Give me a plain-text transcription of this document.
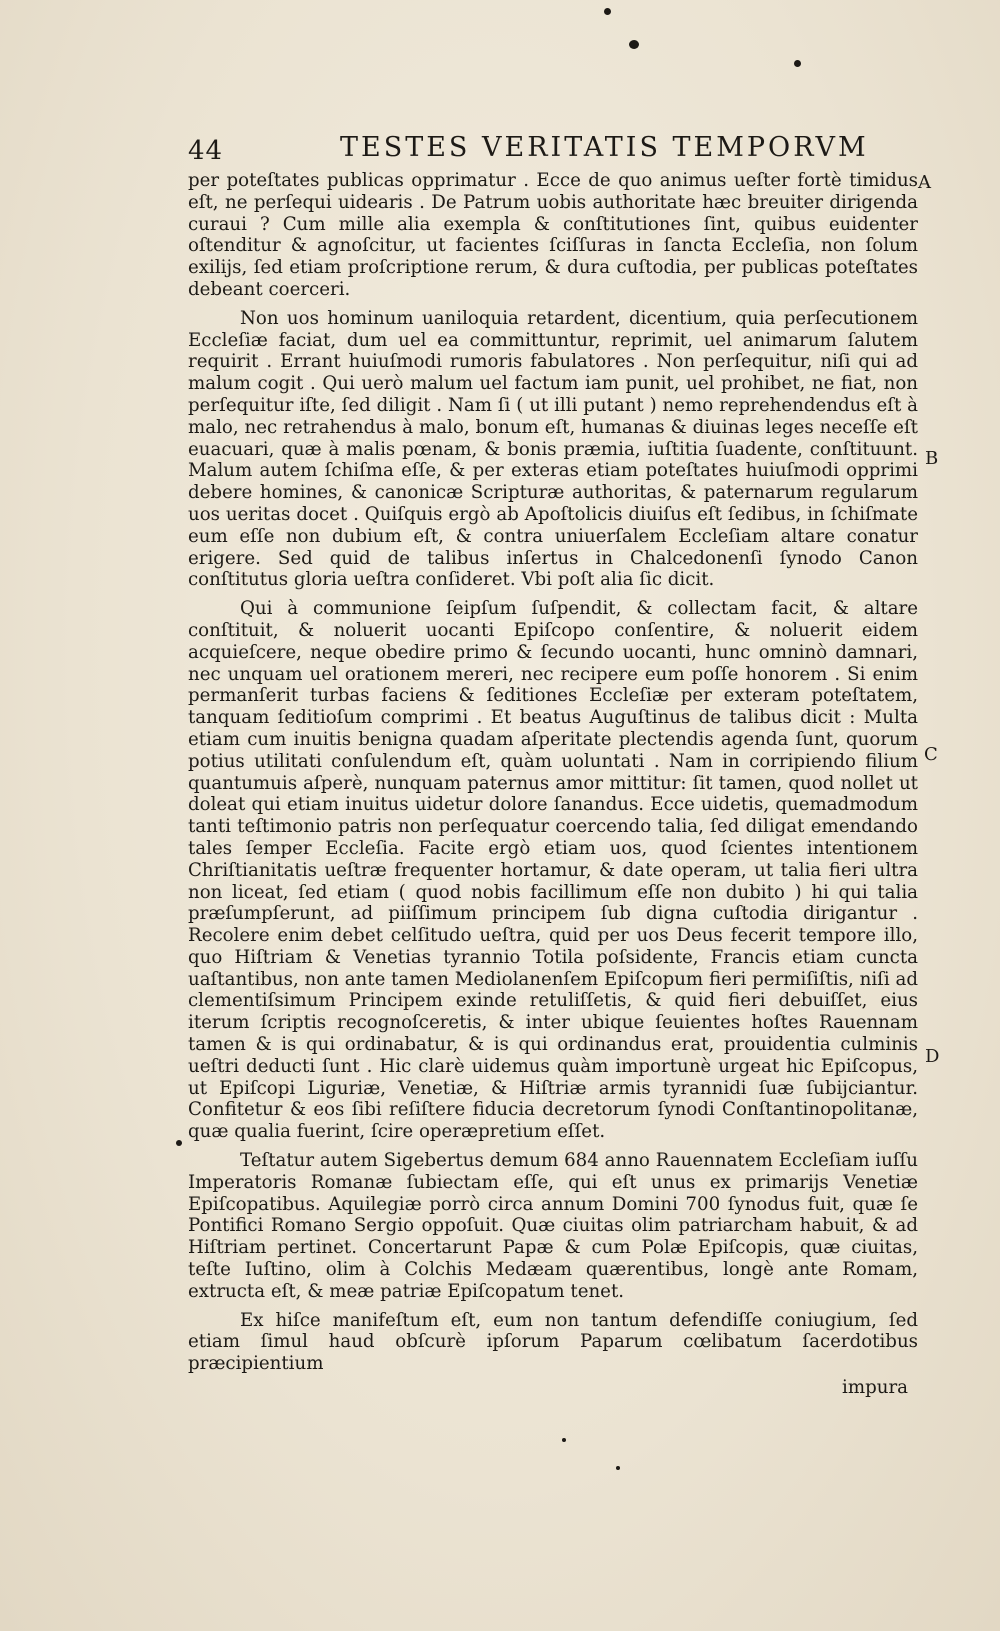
44	TESTES VERITATIS TEMPORVM

per poteſtates publicas opprimatur . Ecce de quo animus ueſter fortè timidus eſt, ne perſequi uidearis . De Patrum uobis authoritate hæc breuiter dirigenda curaui ? Cum mille alia exempla & conſtitutiones ſint, quibus euidenter oſtenditur & agnoſcitur, ut facientes ſciſſuras in ſancta Eccleſia, non ſolum exilijs, ſed etiam proſcriptione rerum, & dura cuſtodia, per publicas poteſtates debeant coerceri.

Non uos hominum uaniloquia retardent, dicentium, quia perſecutionem Eccleſiæ faciat, dum uel ea committuntur, reprimit, uel animarum ſalutem requirit . Errant huiuſmodi rumoris fabulatores . Non perſequitur, niſi qui ad malum cogit . Qui uerò malum uel factum iam punit, uel prohibet, ne fiat, non perſequitur iſte, ſed diligit . Nam ſi ( ut illi putant ) nemo reprehendendus eſt à malo, nec retrahendus à malo, bonum eſt, humanas & diuinas leges neceſſe eſt euacuari, quæ à malis pœnam, & bonis præmia, iuſtitia ſuadente, conſtituunt. Malum autem ſchiſma eſſe, & per exteras etiam poteſtates huiuſmodi opprimi debere homines, & canonicæ Scripturæ authoritas, & paternarum regularum uos ueritas docet . Quiſquis ergò ab Apoſtolicis diuiſus eſt ſedibus, in ſchiſmate eum eſſe non dubium eſt, & contra uniuerſalem Eccleſiam altare conatur erigere. Sed quid de talibus inſertus in Chalcedonenſi ſynodo Canon conſtitutus gloria ueſtra conſideret. Vbi poſt alia ſic dicit.

Qui à communione ſeipſum ſuſpendit, & collectam facit, & altare conſtituit, & noluerit uocanti Epiſcopo conſentire, & noluerit eidem acquieſcere, neque obedire primo & ſecundo uocanti, hunc omninò damnari, nec unquam uel orationem mereri, nec recipere eum poſſe honorem . Si enim permanſerit turbas faciens & ſeditiones Eccleſiæ per exteram poteſtatem, tanquam ſeditioſum comprimi . Et beatus Auguſtinus de talibus dicit : Multa etiam cum inuitis benigna quadam aſperitate plectendis agenda ſunt, quorum potius utilitati conſulendum eſt, quàm uoluntati . Nam in corripiendo filium quantumuis aſperè, nunquam paternus amor mittitur: ſit tamen, quod nollet ut doleat qui etiam inuitus uidetur dolore ſanandus. Ecce uidetis, quemadmodum tanti teſtimonio patris non perſequatur coercendo talia, ſed diligat emendando tales ſemper Eccleſia. Facite ergò etiam uos, quod ſcientes intentionem Chriſtianitatis ueſtræ frequenter hortamur, & date operam, ut talia fieri ultra non liceat, ſed etiam ( quod nobis facillimum eſſe non dubito ) hi qui talia præſumpſerunt, ad piiſſimum principem ſub digna cuſtodia dirigantur . Recolere enim debet celſitudo ueſtra, quid per uos Deus fecerit tempore illo, quo Hiſtriam & Venetias tyrannio Totila poſsidente, Francis etiam cuncta uaſtantibus, non ante tamen Mediolanenſem Epiſcopum fieri permiſiſtis, niſi ad clementiſsimum Principem exinde retuliſſetis, & quid fieri debuiſſet, eius iterum ſcriptis recognoſceretis, & inter ubique ſeuientes hoſtes Rauennam tamen & is qui ordinabatur, & is qui ordinandus erat, prouidentia culminis ueſtri deducti ſunt . Hic clarè uidemus quàm importunè urgeat hic Epiſcopus, ut Epiſcopi Liguriæ, Venetiæ, & Hiſtriæ armis tyrannidi ſuæ ſubijciantur. Confitetur & eos ſibi reſiſtere fiducia decretorum ſynodi Conſtantinopolitanæ, quæ qualia fuerint, ſcire operæpretium eſſet.

Teſtatur autem Sigebertus demum 684 anno Rauennatem Eccleſiam iuſſu Imperatoris Romanæ ſubiectam eſſe, qui eſt unus ex primarijs Venetiæ Epiſcopatibus. Aquilegiæ porrò circa annum Domini 700 ſynodus fuit, quæ ſe Pontifici Romano Sergio oppoſuit. Quæ ciuitas olim patriarcham habuit, & ad Hiſtriam pertinet. Concertarunt Papæ & cum Polæ Epiſcopis, quæ ciuitas, teſte Iuſtino, olim à Colchis Medæam quærentibus, longè ante Romam, extructa eſt, & meæ patriæ Epiſcopatum tenet.

Ex hiſce manifeſtum eſt, eum non tantum defendiſſe coniugium, ſed etiam ſimul haud obſcurè ipſorum Paparum cœlibatum ſacerdotibus præcipientium

impura
A
B
C
D
